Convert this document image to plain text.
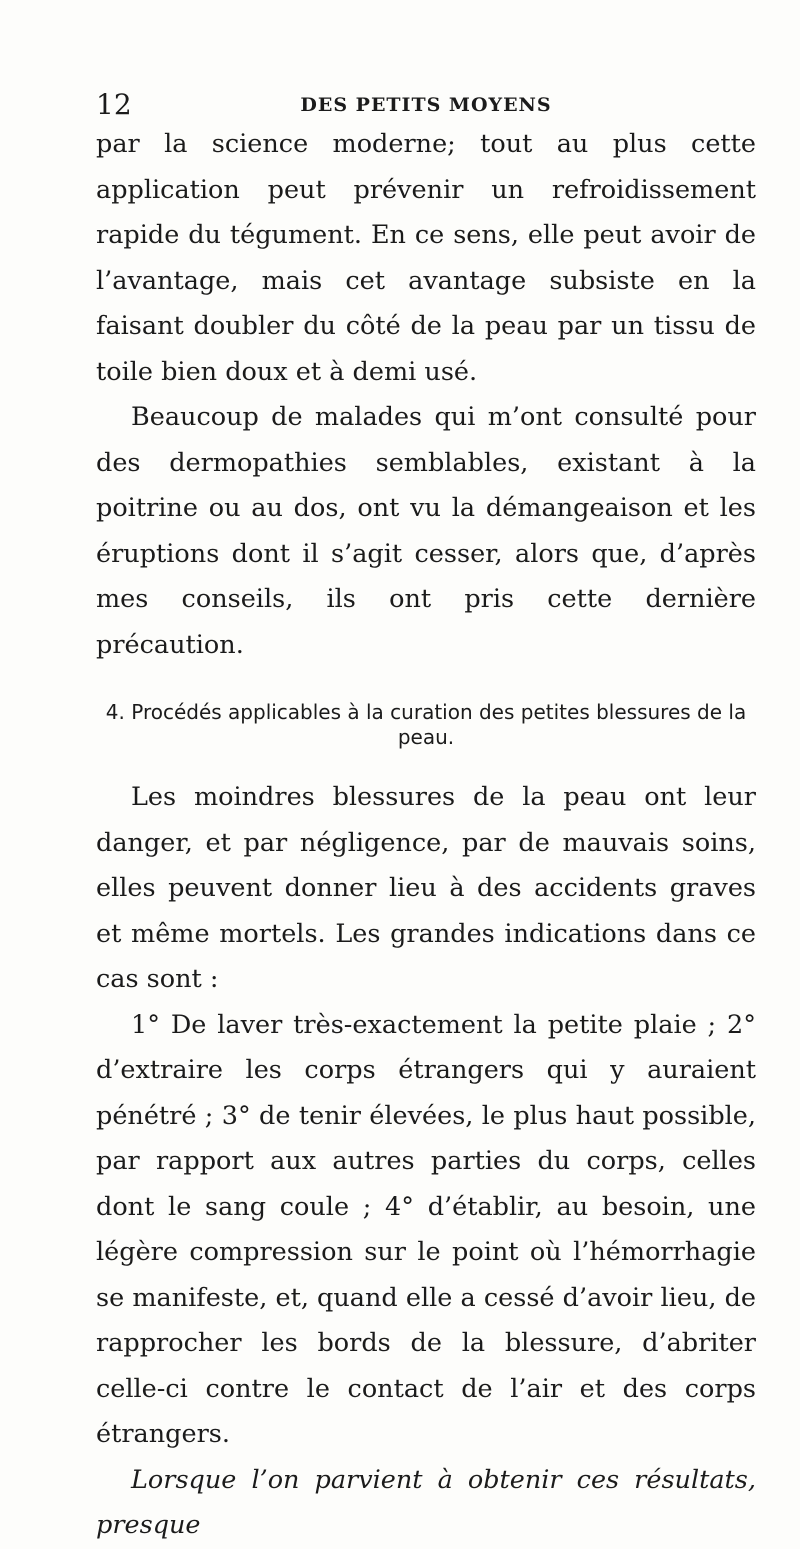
12	DES PETITS MOYENS

par la science moderne; tout au plus cette application peut prévenir un refroidissement rapide du tégument. En ce sens, elle peut avoir de l’avantage, mais cet avantage subsiste en la faisant doubler du côté de la peau par un tissu de toile bien doux et à demi usé.

Beaucoup de malades qui m’ont consulté pour des dermopathies semblables, existant à la poitrine ou au dos, ont vu la démangeaison et les éruptions dont il s’agit cesser, alors que, d’après mes conseils, ils ont pris cette dernière précaution.

4. Procédés applicables à la curation des petites blessures de la peau.

Les moindres blessures de la peau ont leur danger, et par négligence, par de mauvais soins, elles peuvent donner lieu à des accidents graves et même mortels. Les grandes indications dans ce cas sont :

1° De laver très-exactement la petite plaie ; 2° d’extraire les corps étrangers qui y auraient pénétré ; 3° de tenir élevées, le plus haut possible, par rapport aux autres parties du corps, celles dont le sang coule ; 4° d’établir, au besoin, une légère compression sur le point où l’hémorrhagie se manifeste, et, quand elle a cessé d’avoir lieu, de rapprocher les bords de la blessure, d’abriter celle-ci contre le contact de l’air et des corps étrangers.

Lorsque l’on parvient à obtenir ces résultats, presque
